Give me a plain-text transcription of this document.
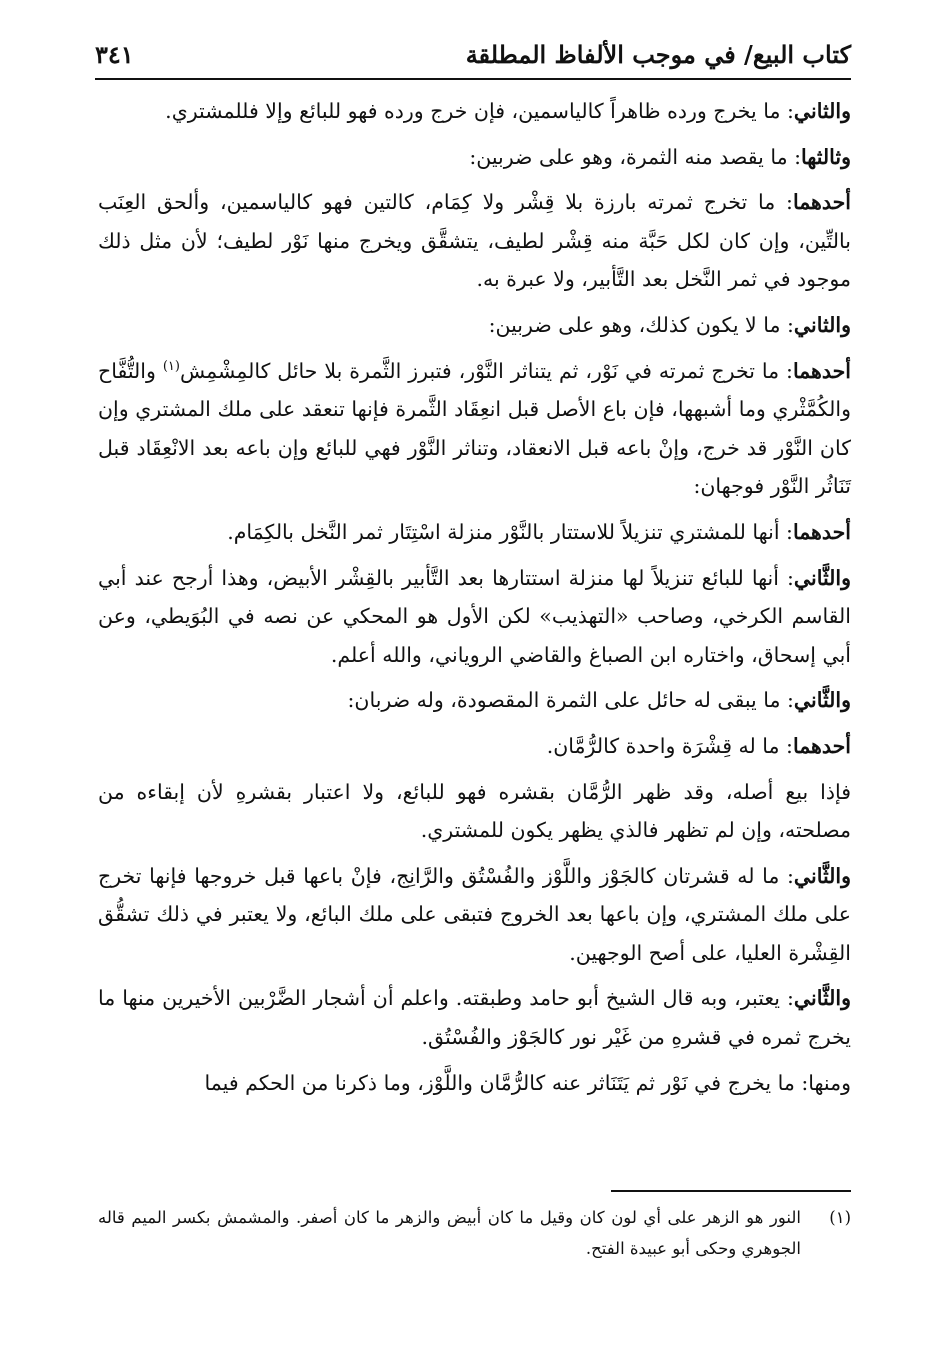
كتاب البيع/ في موجب الألفاظ المطلقة
٣٤١

والثاني: ما يخرج ورده ظاهراً كالياسمين، فإن خرج ورده فهو للبائع وإلا فللمشتري.

وثالثها: ما يقصد منه الثمرة، وهو على ضربين:

أحدهما: ما تخرج ثمرته بارزة بلا قِشْر ولا كِمَام، كالتين فهو كالياسمين، وألحق العِنَب بالتِّين، وإن كان لكل حَبَّة منه قِشْر لطيف، يتشقَّق ويخرج منها نَوْر لطيف؛ لأن مثل ذلك موجود في ثمر النَّخل بعد التَّأبير، ولا عبرة به.

والثاني: ما لا يكون كذلك، وهو على ضربين:

أحدهما: ما تخرج ثمرته في نَوْر، ثم يتناثر النَّوْر، فتبرز الثَّمرة بلا حائل كالمِشْمِش$^{(١)}$ والتُّفَّاح والكُمَّثْري وما أشبهها، فإن باع الأصل قبل انعِقَاد الثَّمرة فإنها تنعقد على ملك المشتري وإن كان النَّوْر قد خرج، وإنْ باعه قبل الانعقاد، وتناثر النَّوْر فهي للبائع وإن باعه بعد الانْعِقَاد قبل تَنَاثُر النَّوْر فوجهان:

أحدهما: أنها للمشتري تنزيلاً للاستتار بالنَّوْر منزلة اسْتِتَار ثمر النَّخل بالكِمَام.

والثَّاني: أنها للبائع تنزيلاً لها منزلة استتارها بعد التَّأبير بالقِشْر الأبيض، وهذا أرجح عند أبي القاسم الكرخي، وصاحب «التهذيب» لكن الأول هو المحكي عن نصه في البُوَيطي، وعن أبي إسحاق، واختاره ابن الصباغ والقاضي الروياني، والله أعلم.

والثَّاني: ما يبقى له حائل على الثمرة المقصودة، وله ضربان:

أحدهما: ما له قِشْرَة واحدة كالرُّمَّان.

فإذا بيع أصله، وقد ظهر الرُّمَّان بقشره فهو للبائع، ولا اعتبار بقشرهِ لأن إبقاءه من مصلحته، وإن لم تظهر فالذي يظهر يكون للمشتري.

والثَّاني: ما له قشرتان كالجَوْز واللَّوْز والفُسْتُق والرَّانِج، فإنْ باعها قبل خروجها فإنها تخرج على ملك المشتري، وإن باعها بعد الخروج فتبقى على ملك البائع، ولا يعتبر في ذلك تشقُّق القِشْرة العليا، على أصح الوجهين.

والثَّاني: يعتبر، وبه قال الشيخ أبو حامد وطبقته. واعلم أن أشجار الضَّرْبين الأخيرين منها ما يخرج ثمره في قشرهِ من غَيْر نور كالجَوْز والفُسْتُق.

ومنها: ما يخرج في نَوْر ثم يَتَنَاثر عنه كالرُّمَّان واللَّوْز، وما ذكرنا من الحكم فيما

(١)
النور هو الزهر على أي لون كان وقيل ما كان أبيض والزهر ما كان أصفر. والمشمش بكسر الميم قاله الجوهري وحكى أبو عبيدة الفتح.
